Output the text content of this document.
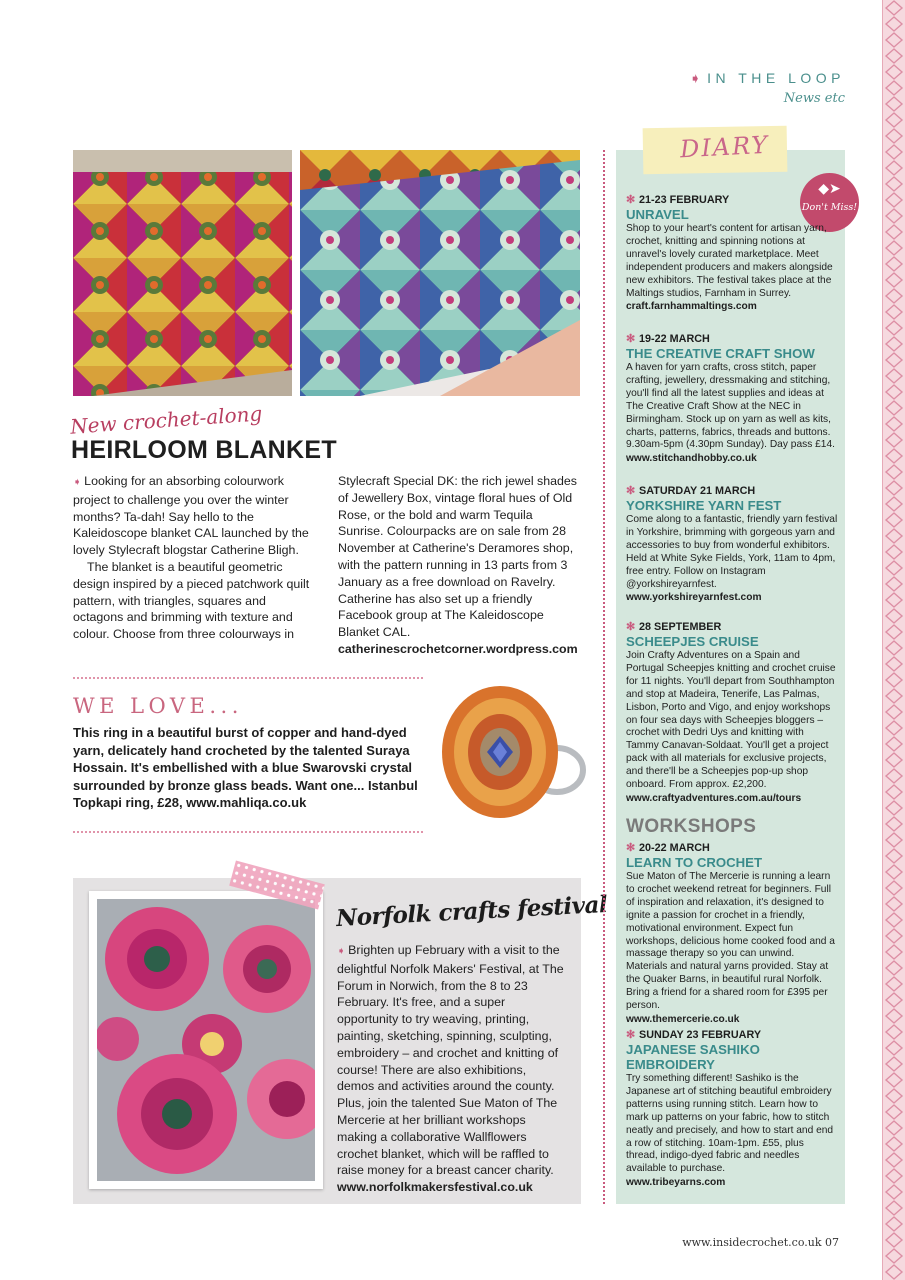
➧ IN THE LOOP
News etc
New crochet-along
HEIRLOOM BLANKET

➧ Looking for an absorbing colourwork project to challenge you over the winter months? Ta-dah! Say hello to the Kaleidoscope blanket CAL launched by the lovely Stylecraft blogstar Catherine Bligh.

The blanket is a beautiful geometric design inspired by a pieced patchwork quilt pattern, with triangles, squares and octagons and brimming with texture and colour. Choose from three colourways in

Stylecraft Special DK: the rich jewel shades of Jewellery Box, vintage floral hues of Old Rose, or the bold and warm Tequila Sunrise. Colourpacks are on sale from 28 November at Catherine's Deramores shop, with the pattern running in 13 parts from 3 January as a free download on Ravelry. Catherine has also set up a friendly Facebook group at The Kaleidoscope Blanket CAL.

catherinescrochetcorner.wordpress.com

WE LOVE...
This ring in a beautiful burst of copper and hand-dyed yarn, delicately hand crocheted by the talented Suraya Hossain. It's embellished with a blue Swarovski crystal surrounded by bronze glass beads. Want one... Istanbul Topkapi ring, £28, www.mahliqa.co.uk
Norfolk crafts festival

➧ Brighten up February with a visit to the delightful Norfolk Makers' Festival, at The Forum in Norwich, from the 8 to 23 February. It's free, and a super opportunity to try weaving, printing, painting, sketching, spinning, sculpting, embroidery – and crochet and knitting of course! There are also exhibitions, demos and activities around the county. Plus, join the talented Sue Maton of The Mercerie at her brilliant workshops making a collaborative Wallflowers crochet blanket, which will be raffled to raise money for a breast cancer charity.

www.norfolkmakersfestival.co.uk

DIARY
◆➤
Don't Miss!
✻ 21-23 FEBRUARY
UNRAVEL
Shop to your heart's content for artisan yarn, crochet, knitting and spinning notions at unravel's lovely curated marketplace. Meet independent producers and makers alongside new exhibitors. The festival takes place at the Maltings studios, Farnham in Surrey.
craft.farnhammaltings.com
✻ 19-22 MARCH
THE CREATIVE CRAFT SHOW
A haven for yarn crafts, cross stitch, paper crafting, jewellery, dressmaking and stitching, you'll find all the latest supplies and ideas at The Creative Craft Show at the NEC in Birmingham. Stock up on yarn as well as kits, charts, patterns, fabrics, threads and buttons. 9.30am-5pm (4.30pm Sunday). Day pass £14.
www.stitchandhobby.co.uk
✻ SATURDAY 21 MARCH
YORKSHIRE YARN FEST
Come along to a fantastic, friendly yarn festival in Yorkshire, brimming with gorgeous yarn and accessories to buy from wonderful exhibitors. Held at White Syke Fields, York, 11am to 4pm, free entry. Follow on Instagram @yorkshireyarnfest.
www.yorkshireyarnfest.com
✻ 28 SEPTEMBER
SCHEEPJES CRUISE
Join Crafty Adventures on a Spain and Portugal Scheepjes knitting and crochet cruise for 11 nights. You'll depart from Southhampton and stop at Madeira, Tenerife, Las Palmas, Lisbon, Porto and Vigo, and enjoy workshops on four sea days with Scheepjes bloggers – crochet with Dedri Uys and knitting with Tammy Canavan-Soldaat. You'll get a project pack with all materials for exclusive projects, and there'll be a Scheepjes pop-up shop onboard. From approx. £2,200.
www.craftyadventures.com.au/tours
WORKSHOPS
✻ 20-22 MARCH
LEARN TO CROCHET
Sue Maton of The Mercerie is running a learn to crochet weekend retreat for beginners. Full of inspiration and relaxation, it's designed to ignite a passion for crochet in a friendly, motivational environment. Expect fun workshops, delicious home cooked food and a massage therapy so you can unwind. Materials and natural yarns provided. Stay at the Quaker Barns, in beautiful rural Norfolk. Bring a friend for a shared room for £395 per person.
www.themercerie.co.uk
✻ SUNDAY 23 FEBRUARY
JAPANESE SASHIKO EMBROIDERY
Try something different! Sashiko is the Japanese art of stitching beautiful embroidery patterns using running stitch. Learn how to mark up patterns on your fabric, how to stitch neatly and precisely, and how to start and end a row of stitching. 10am-1pm. £55, plus thread, indigo-dyed fabric and needles available to purchase.
www.tribeyarns.com
www.insidecrochet.co.uk 07
